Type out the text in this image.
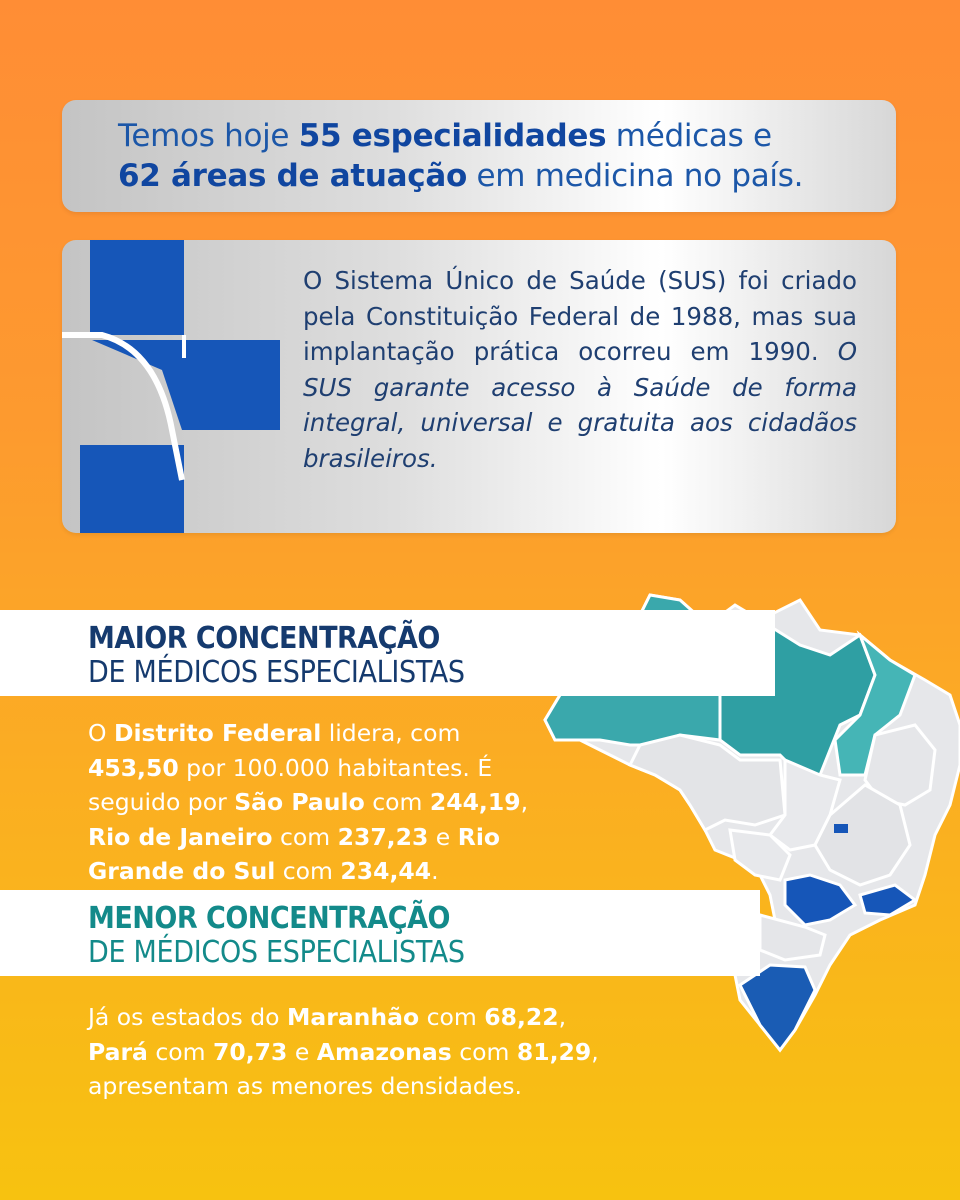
Temos hoje 55 especialidades médicas e
62 áreas de atuação em medicina no país.
O Sistema Único de Saúde (SUS) foi criado pela Constituição Federal de 1988, mas sua implantação prática ocorreu em 1990. O SUS garante acesso à Saúde de forma integral, universal e gratuita aos cidadãos brasileiros.
MAIOR CONCENTRAÇÃO
DE MÉDICOS ESPECIALISTAS
O Distrito Federal lidera, com 453,50 por 100.000 habitantes. É seguido por São Paulo com 244,19, Rio de Janeiro com 237,23 e Rio Grande do Sul com 234,44.
MENOR CONCENTRAÇÃO
DE MÉDICOS ESPECIALISTAS
Já os estados do Maranhão com 68,22,
Pará com 70,73 e Amazonas com 81,29, apresentam as menores densidades.
